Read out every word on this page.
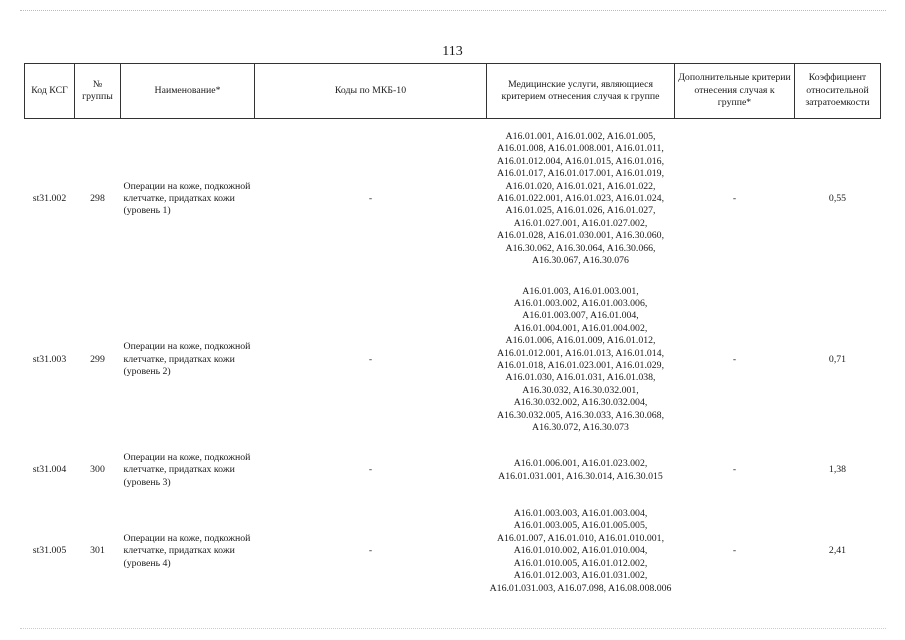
113
Код КСГ	№ группы	Наименование*	Коды по МКБ-10	Медицинские услуги, являющиеся критерием отнесения случая к группе	Дополнительные критерии отнесения случая к группе*	Коэффициент относительной затратоемкости
st31.002	298	Операции на коже, подкожной клетчатке, придатках кожи (уровень 1)	-	A16.01.001, A16.01.002, A16.01.005, A16.01.008, A16.01.008.001, A16.01.011, A16.01.012.004, A16.01.015, A16.01.016, A16.01.017, A16.01.017.001, A16.01.019, A16.01.020, A16.01.021, A16.01.022, A16.01.022.001, A16.01.023, A16.01.024, A16.01.025, A16.01.026, A16.01.027, A16.01.027.001, A16.01.027.002, A16.01.028, A16.01.030.001, A16.30.060, A16.30.062, A16.30.064, A16.30.066, A16.30.067, A16.30.076	-	0,55
st31.003	299	Операции на коже, подкожной клетчатке, придатках кожи (уровень 2)	-	A16.01.003, A16.01.003.001, A16.01.003.002, A16.01.003.006, A16.01.003.007, A16.01.004, A16.01.004.001, A16.01.004.002, A16.01.006, A16.01.009, A16.01.012, A16.01.012.001, A16.01.013, A16.01.014, A16.01.018, A16.01.023.001, A16.01.029, A16.01.030, A16.01.031, A16.01.038, A16.30.032, A16.30.032.001, A16.30.032.002, A16.30.032.004, A16.30.032.005, A16.30.033, A16.30.068, A16.30.072, A16.30.073	-	0,71
st31.004	300	Операции на коже, подкожной клетчатке, придатках кожи (уровень 3)	-	A16.01.006.001, A16.01.023.002, A16.01.031.001, A16.30.014, A16.30.015	-	1,38
st31.005	301	Операции на коже, подкожной клетчатке, придатках кожи (уровень 4)	-	A16.01.003.003, A16.01.003.004, A16.01.003.005, A16.01.005.005, A16.01.007, A16.01.010, A16.01.010.001, A16.01.010.002, A16.01.010.004, A16.01.010.005, A16.01.012.002, A16.01.012.003, A16.01.031.002, A16.01.031.003, A16.07.098, A16.08.008.006	-	2,41
